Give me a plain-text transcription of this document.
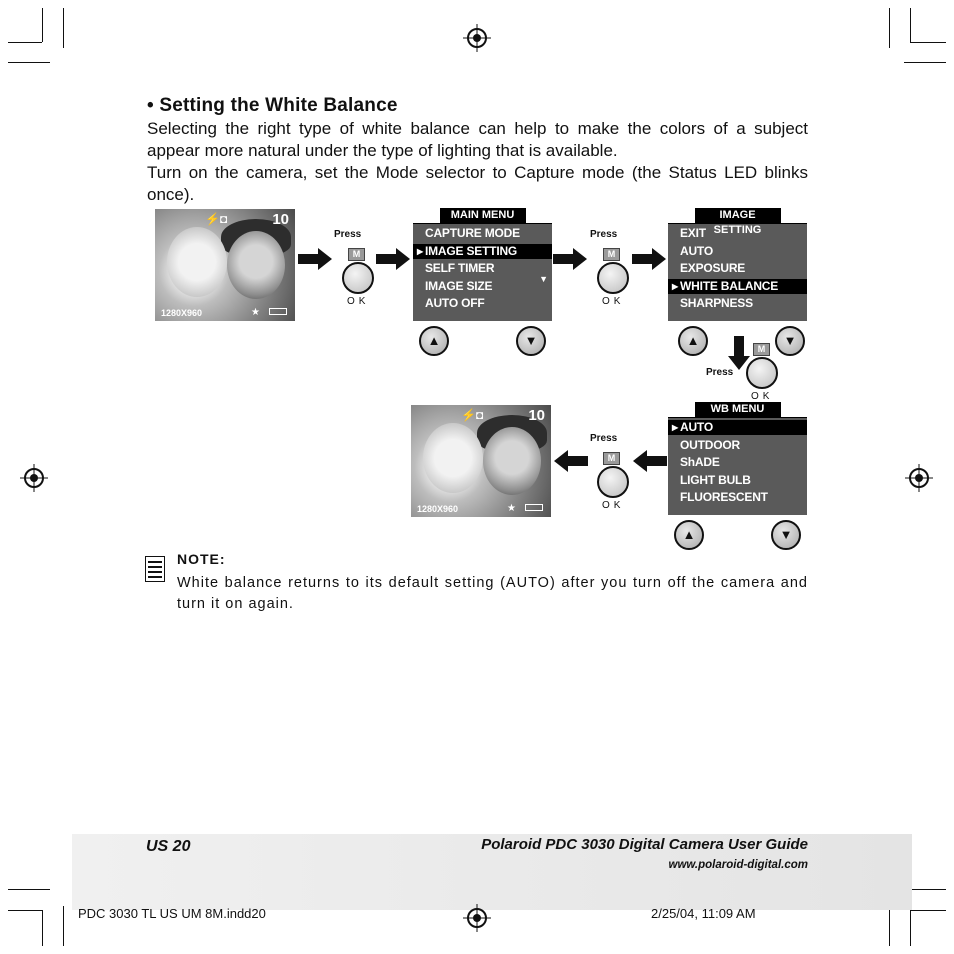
• Setting the White Balance
Selecting the right type of white balance can help to make the colors of a subject appear more natural under the type of lighting that is available.
Turn on the camera, set the Mode selector to Capture mode (the Status LED blinks once).
⚡◘	10
1280X960	★
Press
M
OK
MAIN MENU
CAPTURE MODE
▶ IMAGE SETTING
SELF TIMER
IMAGE SIZE
AUTO OFF
▼
▲	▼
Press
M
OK
IMAGE SETTING
EXIT
AUTO
EXPOSURE
▶ WHITE BALANCE
SHARPNESS
▲	▼
Press
M
OK
WB MENU
▶ AUTO
OUTDOOR
ShADE
LIGHT BULB
FLUORESCENT
▲	▼
Press
M
OK
⚡◘	10
1280X960	★
NOTE:
White balance returns to its default setting (AUTO) after you turn off the camera and turn it on again.
US 20	Polaroid PDC 3030 Digital Camera User Guide
www.polaroid-digital.com
PDC 3030 TL US UM 8M.indd20	2/25/04, 11:09 AM
